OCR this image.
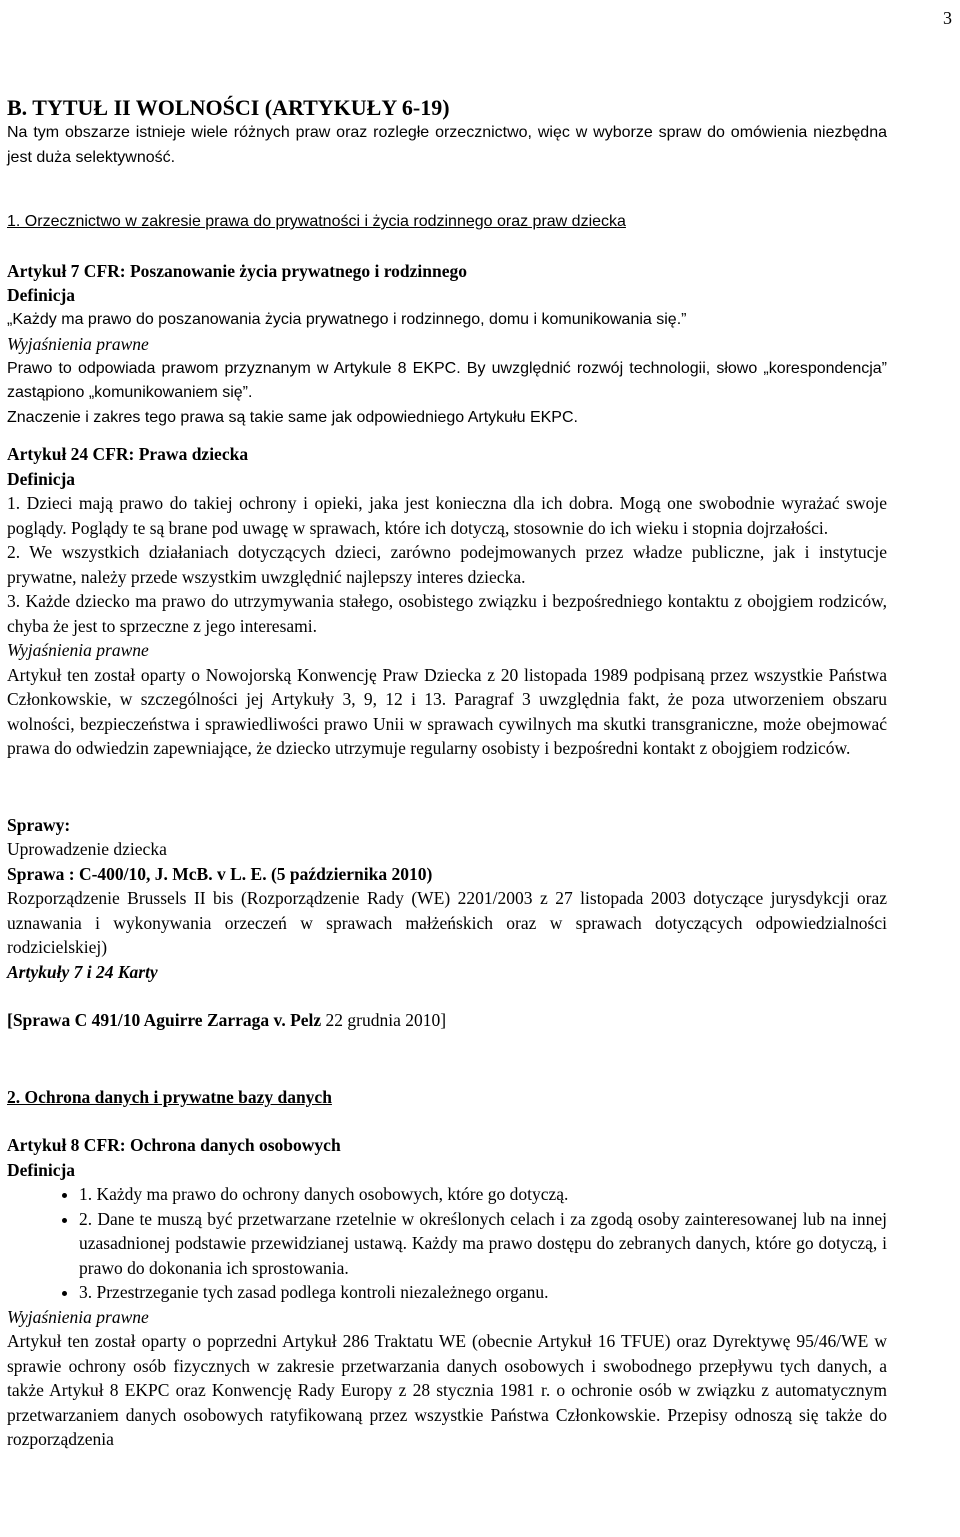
3

B. TYTUŁ II WOLNOŚCI (ARTYKUŁY 6-19)

Na tym obszarze istnieje wiele różnych praw oraz rozległe orzecznictwo, więc w wyborze spraw do omówienia niezbędna jest duża selektywność.

1. Orzecznictwo w zakresie prawa do prywatności i życia rodzinnego oraz praw dziecka

Artykuł 7 CFR: Poszanowanie życia prywatnego i rodzinnego

Definicja

„Każdy ma prawo do poszanowania życia prywatnego i rodzinnego, domu i komunikowania się.”

Wyjaśnienia prawne

Prawo to odpowiada prawom przyznanym w Artykule 8 EKPC. By uwzględnić rozwój technologii, słowo „korespondencja” zastąpiono „komunikowaniem się”.

Znaczenie i zakres tego prawa są takie same jak odpowiedniego Artykułu EKPC.

Artykuł 24 CFR: Prawa dziecka

Definicja

1. Dzieci mają prawo do takiej ochrony i opieki, jaka jest konieczna dla ich dobra. Mogą one swobodnie wyrażać swoje poglądy. Poglądy te są brane pod uwagę w sprawach, które ich dotyczą, stosownie do ich wieku i stopnia dojrzałości.

2. We wszystkich działaniach dotyczących dzieci, zarówno podejmowanych przez władze publiczne, jak i instytucje prywatne, należy przede wszystkim uwzględnić najlepszy interes dziecka.

3. Każde dziecko ma prawo do utrzymywania stałego, osobistego związku i bezpośredniego kontaktu z obojgiem rodziców, chyba że jest to sprzeczne z jego interesami.

Wyjaśnienia prawne

Artykuł ten został oparty o Nowojorską Konwencję Praw Dziecka z 20 listopada 1989 podpisaną przez wszystkie Państwa Członkowskie, w szczególności jej Artykuły 3, 9, 12 i 13. Paragraf 3 uwzględnia fakt, że poza utworzeniem obszaru wolności, bezpieczeństwa i sprawiedliwości prawo Unii w sprawach cywilnych ma skutki transgraniczne, może obejmować prawa do odwiedzin zapewniające, że dziecko utrzymuje regularny osobisty i bezpośredni kontakt z obojgiem rodziców.

Sprawy:

Uprowadzenie dziecka

Sprawa : C-400/10, J. McB. v L. E. (5 października 2010)

Rozporządzenie Brussels II bis (Rozporządzenie Rady (WE) 2201/2003 z 27 listopada 2003 dotyczące jurysdykcji oraz uznawania i wykonywania orzeczeń w sprawach małżeńskich oraz w sprawach dotyczących odpowiedzialności rodzicielskiej)

Artykuły 7 i 24 Karty

[Sprawa C 491/10 Aguirre Zarraga v. Pelz 22 grudnia 2010]

2. Ochrona danych i prywatne bazy danych

Artykuł 8 CFR: Ochrona danych osobowych

Definicja

• 1. Każdy ma prawo do ochrony danych osobowych, które go dotyczą.
• 2. Dane te muszą być przetwarzane rzetelnie w określonych celach i za zgodą osoby zainteresowanej lub na innej uzasadnionej podstawie przewidzianej ustawą. Każdy ma prawo dostępu do zebranych danych, które go dotyczą, i prawo do dokonania ich sprostowania.
• 3. Przestrzeganie tych zasad podlega kontroli niezależnego organu.

Wyjaśnienia prawne

Artykuł ten został oparty o poprzedni Artykuł 286 Traktatu WE (obecnie Artykuł 16 TFUE) oraz Dyrektywę 95/46/WE w sprawie ochrony osób fizycznych w zakresie przetwarzania danych osobowych i swobodnego przepływu tych danych, a także Artykuł 8 EKPC oraz Konwencję Rady Europy z 28 stycznia 1981 r. o ochronie osób w związku z automatycznym przetwarzaniem danych osobowych ratyfikowaną przez wszystkie Państwa Członkowskie. Przepisy odnoszą się także do rozporządzenia
